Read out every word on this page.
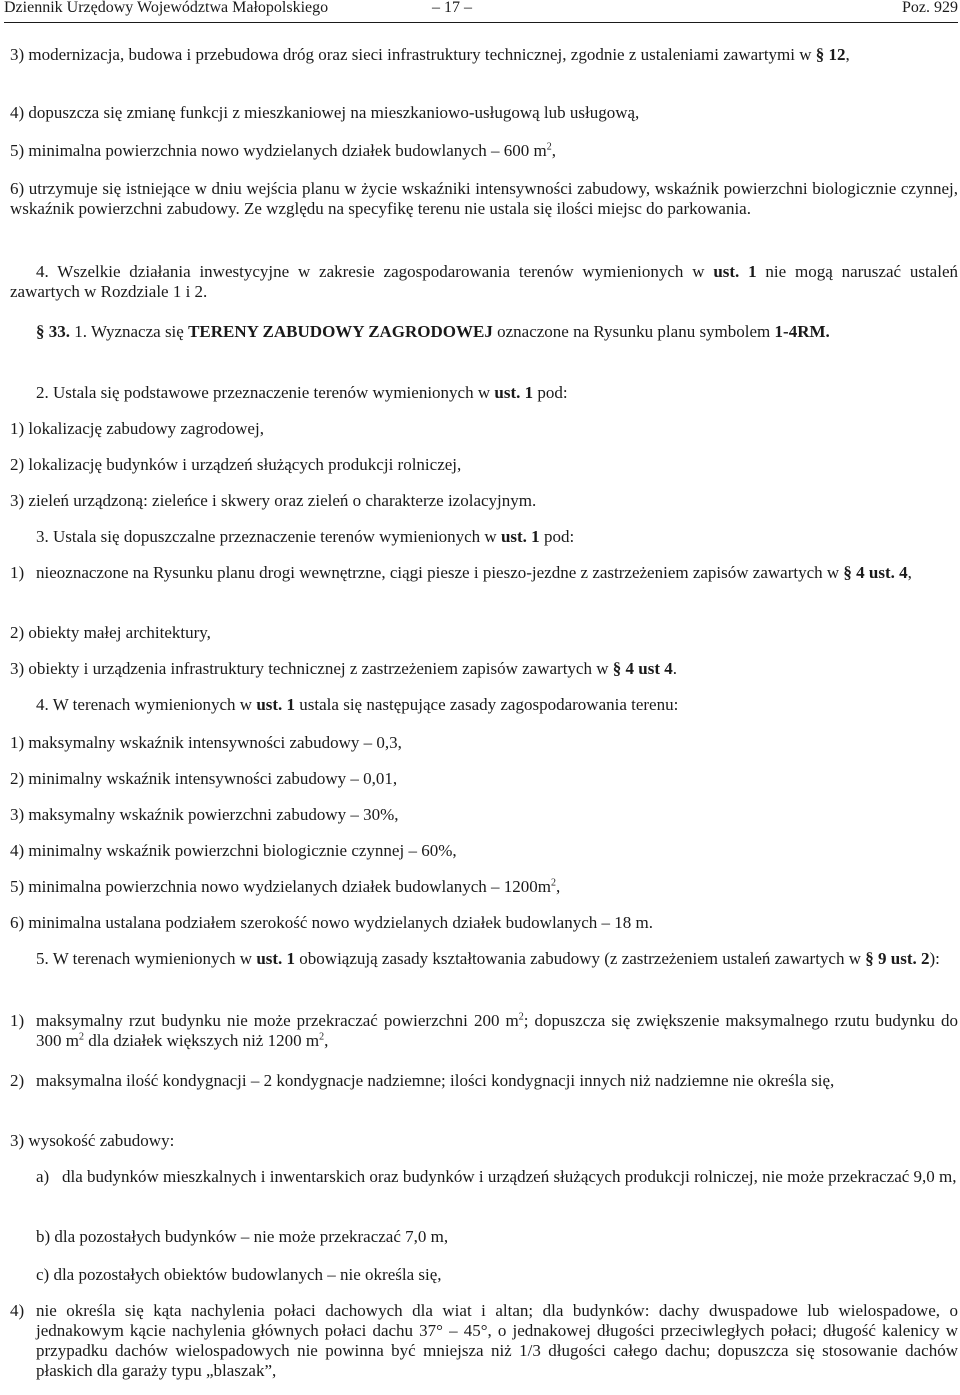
Dziennik Urzędowy Województwa Małopolskiego	– 17 –	Poz. 929
3) modernizacja, budowa i przebudowa dróg oraz sieci infrastruktury technicznej, zgodnie z ustaleniami zawartymi w § 12,
4) dopuszcza się zmianę funkcji z mieszkaniowej na mieszkaniowo-usługową lub usługową,
5) minimalna powierzchnia nowo wydzielanych działek budowlanych – 600 $m^2$,
6) utrzymuje się istniejące w dniu wejścia planu w życie wskaźniki intensywności zabudowy, wskaźnik powierzchni biologicznie czynnej, wskaźnik powierzchni zabudowy. Ze względu na specyfikę terenu nie ustala się ilości miejsc do parkowania.
4. Wszelkie działania inwestycyjne w zakresie zagospodarowania terenów wymienionych w ust. 1 nie mogą naruszać ustaleń zawartych w Rozdziale 1 i 2.
§ 33. 1. Wyznacza się TERENY ZABUDOWY ZAGRODOWEJ oznaczone na Rysunku planu symbolem 1-4RM.
2. Ustala się podstawowe przeznaczenie terenów wymienionych w ust. 1 pod:
1) lokalizację zabudowy zagrodowej,
2) lokalizację budynków i urządzeń służących produkcji rolniczej,
3) zieleń urządzoną: zieleńce i skwery oraz zieleń o charakterze izolacyjnym.
3. Ustala się dopuszczalne przeznaczenie terenów wymienionych w ust. 1 pod:
1) nieoznaczone na Rysunku planu drogi wewnętrzne, ciągi piesze i pieszo-jezdne z zastrzeżeniem zapisów zawartych w § 4 ust. 4,
2) obiekty małej architektury,
3) obiekty i urządzenia infrastruktury technicznej z zastrzeżeniem zapisów zawartych w § 4 ust 4.
4. W terenach wymienionych w ust. 1 ustala się następujące zasady zagospodarowania terenu:
1) maksymalny wskaźnik intensywności zabudowy – 0,3,
2) minimalny wskaźnik intensywności zabudowy – 0,01,
3) maksymalny wskaźnik powierzchni zabudowy – 30%,
4) minimalny wskaźnik powierzchni biologicznie czynnej – 60%,
5) minimalna powierzchnia nowo wydzielanych działek budowlanych – $1200m^2$,
6) minimalna ustalana podziałem szerokość nowo wydzielanych działek budowlanych – 18 m.
5. W terenach wymienionych w ust. 1 obowiązują zasady kształtowania zabudowy (z zastrzeżeniem ustaleń zawartych w § 9 ust. 2):
1) maksymalny rzut budynku nie może przekraczać powierzchni 200 $m^2$; dopuszcza się zwiększenie maksymalnego rzutu budynku do 300 $m^2$ dla działek większych niż 1200 $m^2$,
2) maksymalna ilość kondygnacji – 2 kondygnacje nadziemne; ilości kondygnacji innych niż nadziemne nie określa się,
3) wysokość zabudowy:
a) dla budynków mieszkalnych i inwentarskich oraz budynków i urządzeń służących produkcji rolniczej, nie może przekraczać 9,0 m,
b) dla pozostałych budynków – nie może przekraczać 7,0 m,
c) dla pozostałych obiektów budowlanych – nie określa się,
4) nie określa się kąta nachylenia połaci dachowych dla wiat i altan; dla budynków: dachy dwuspadowe lub wielospadowe, o jednakowym kącie nachylenia głównych połaci dachu 37° – 45°, o jednakowej długości przeciwległych połaci; długość kalenicy w przypadku dachów wielospadowych nie powinna być mniejsza niż 1/3 długości całego dachu; dopuszcza się stosowanie dachów płaskich dla garaży typu „blaszak”,
